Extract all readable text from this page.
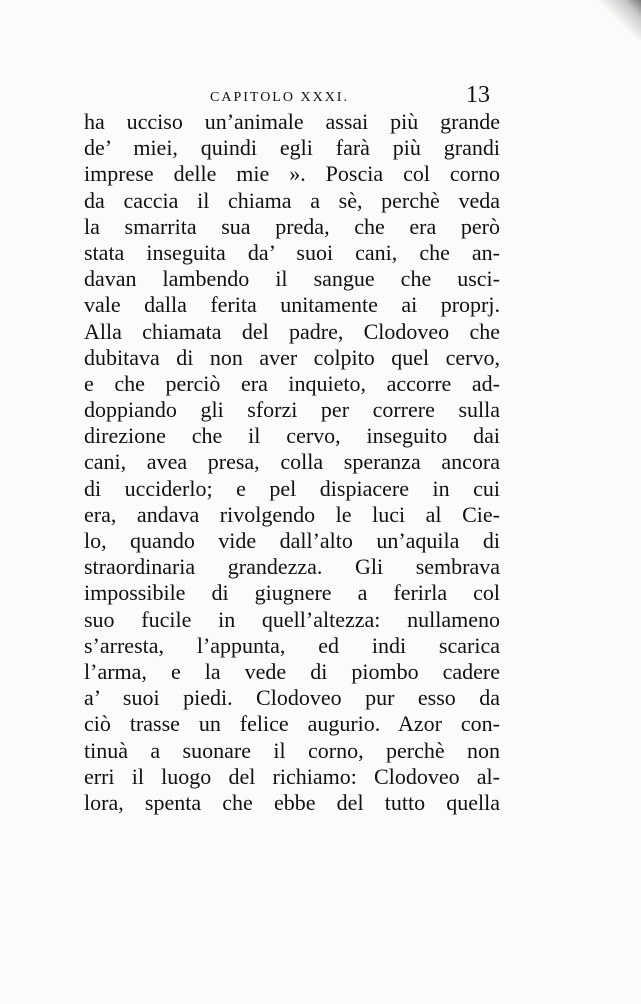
CAPITOLO XXXI.	13
ha ucciso un’animale assai più grande
de’ miei, quindi egli farà più grandi
imprese delle mie ». Poscia col corno
da caccia il chiama a sè, perchè veda
la smarrita sua preda, che era però
stata inseguita da’ suoi cani, che an-
davan lambendo il sangue che usci-
vale dalla ferita unitamente ai proprj.
Alla chiamata del padre, Clodoveo che
dubitava di non aver colpito quel cervo,
e che perciò era inquieto, accorre ad-
doppiando gli sforzi per correre sulla
direzione che il cervo, inseguito dai
cani, avea presa, colla speranza ancora
di ucciderlo; e pel dispiacere in cui
era, andava rivolgendo le luci al Cie-
lo, quando vide dall’alto un’aquila di
straordinaria grandezza. Gli sembrava
impossibile di giugnere a ferirla col
suo fucile in quell’altezza: nullameno
s’arresta, l’appunta, ed indi scarica
l’arma, e la vede di piombo cadere
a’ suoi piedi. Clodoveo pur esso da
ciò trasse un felice augurio. Azor con-
tinuà a suonare il corno, perchè non
erri il luogo del richiamo: Clodoveo al-
lora, spenta che ebbe del tutto quella
